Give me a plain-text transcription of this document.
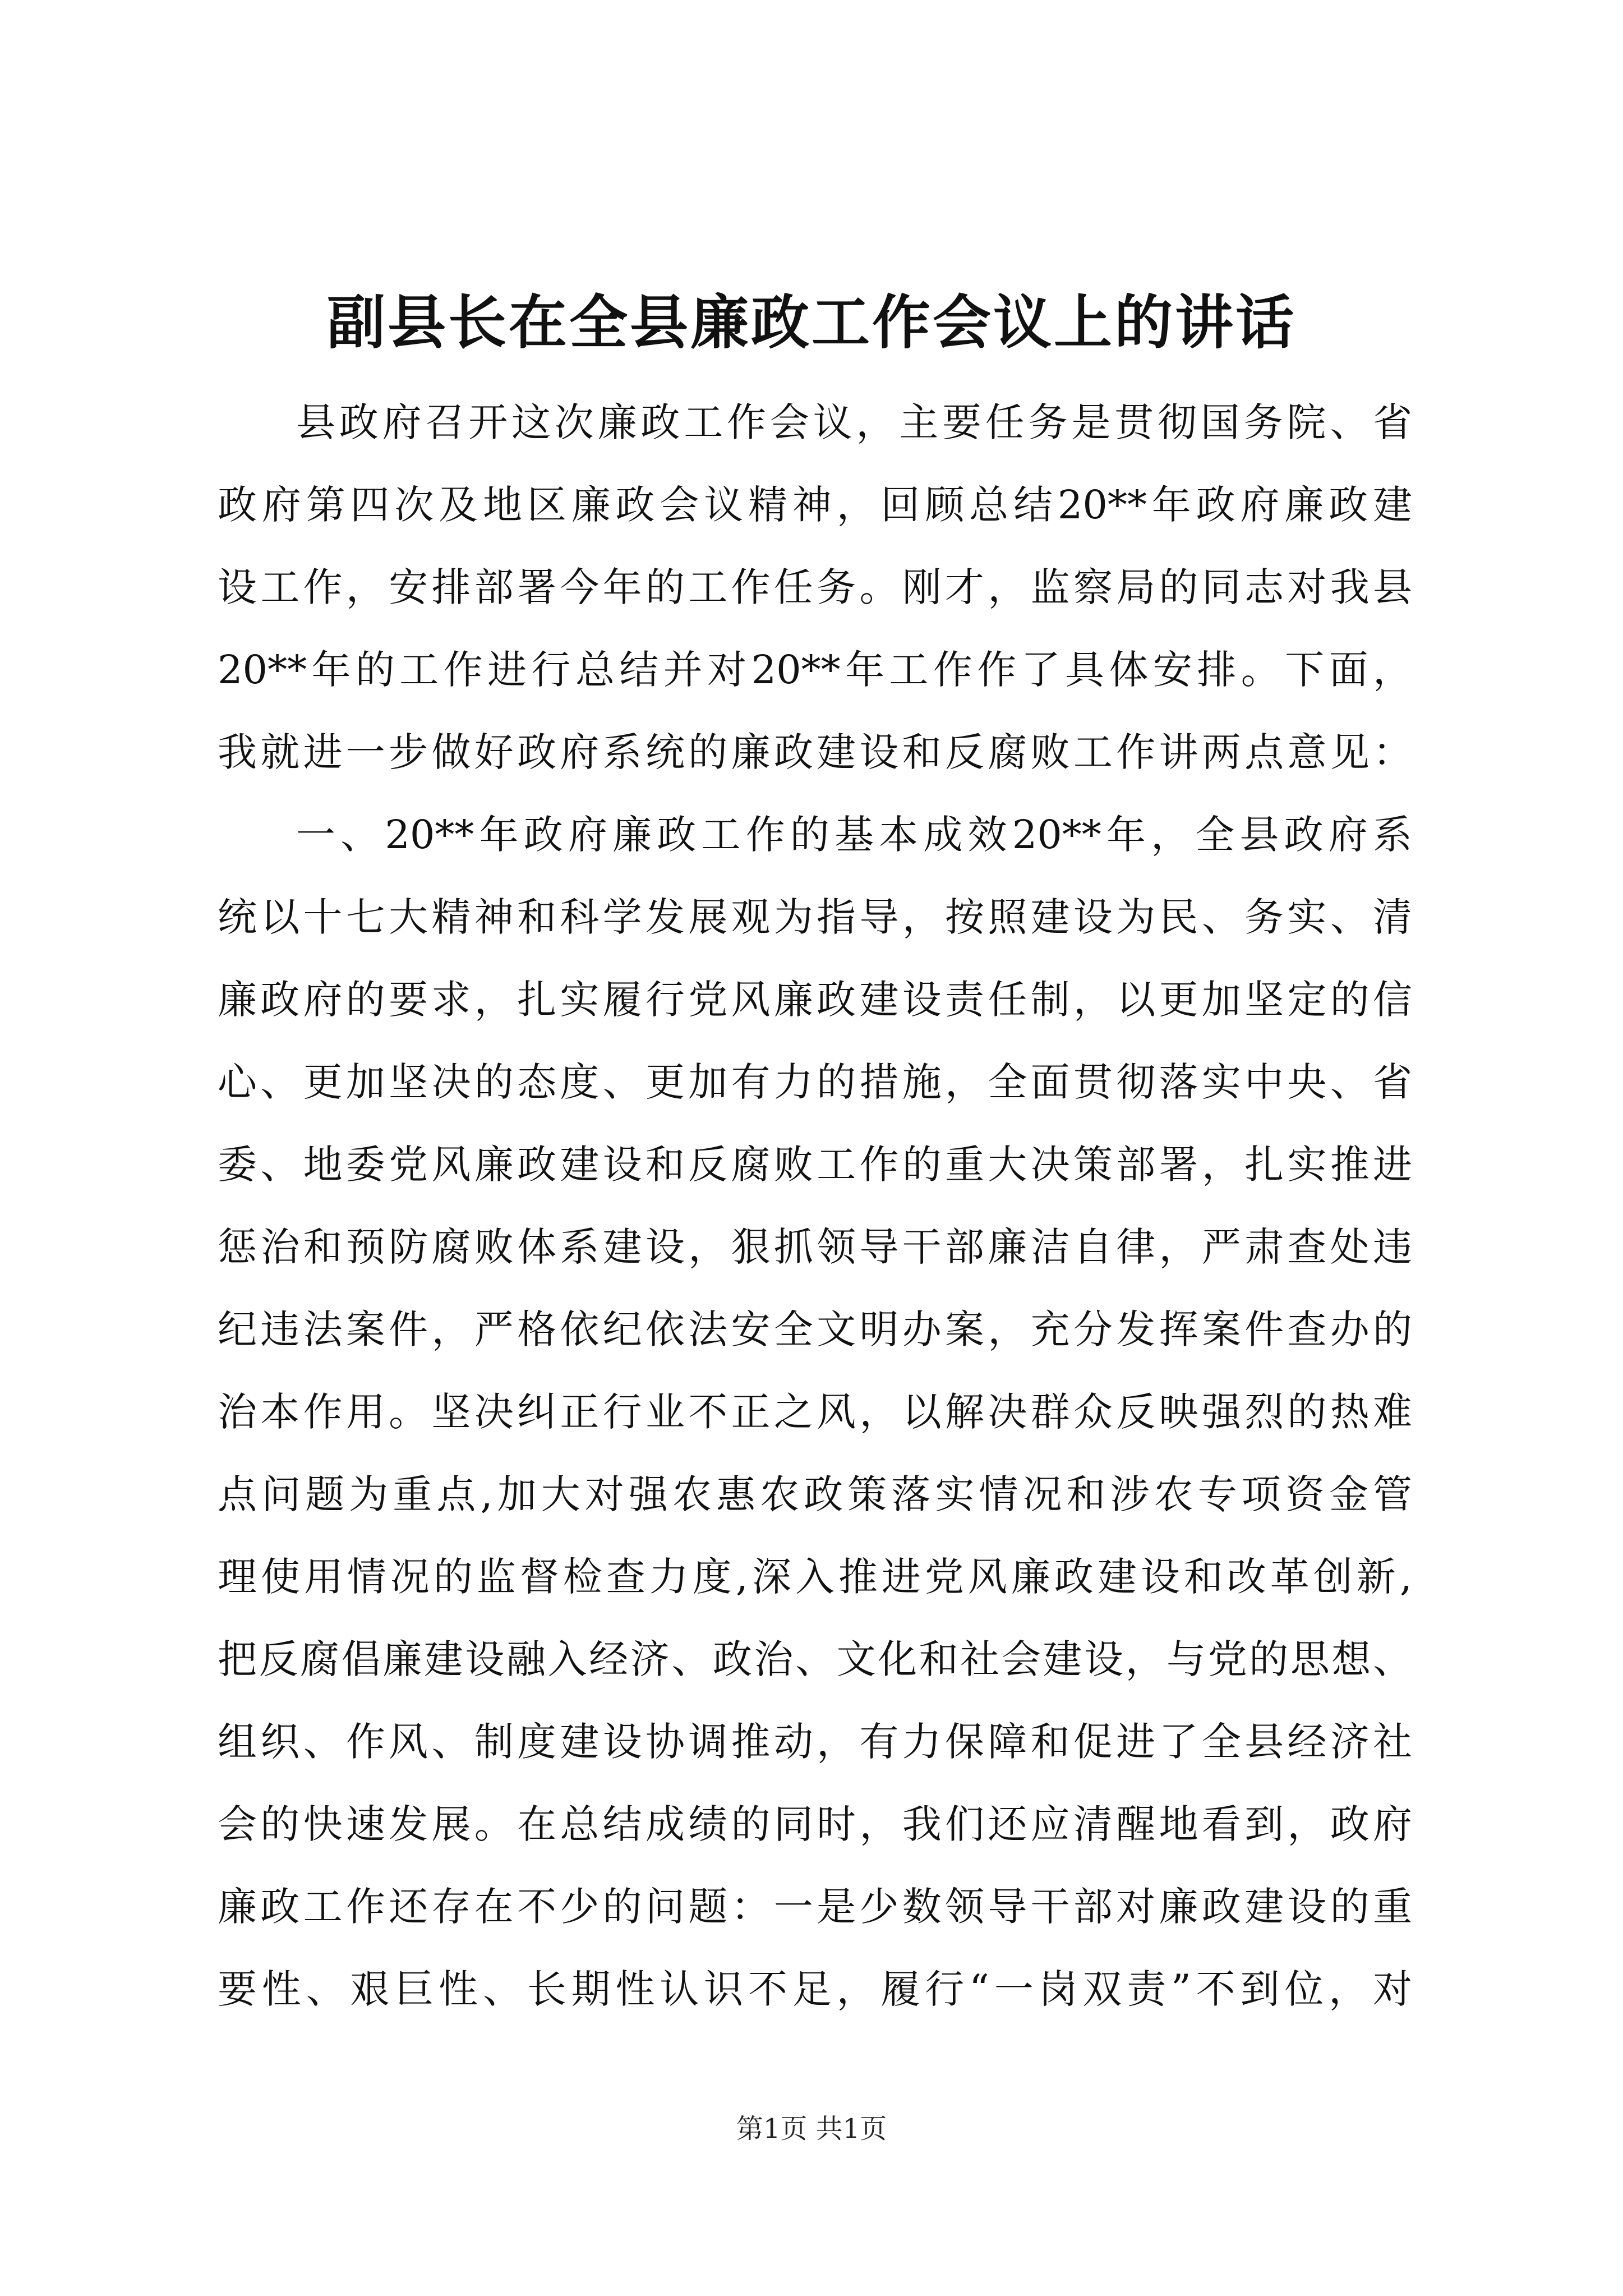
副县长在全县廉政工作会议上的讲话
县政府召开这次廉政工作会议，主要任务是贯彻国务院、省
政府第四次及地区廉政会议精神，回顾总结20**年政府廉政建
设工作，安排部署今年的工作任务。刚才，监察局的同志对我县
20**年的工作进行总结并对20**年工作作了具体安排。下面，
我就进一步做好政府系统的廉政建设和反腐败工作讲两点意见：
一、20**年政府廉政工作的基本成效20**年，全县政府系
统以十七大精神和科学发展观为指导，按照建设为民、务实、清
廉政府的要求，扎实履行党风廉政建设责任制，以更加坚定的信
心、更加坚决的态度、更加有力的措施，全面贯彻落实中央、省
委、地委党风廉政建设和反腐败工作的重大决策部署，扎实推进
惩治和预防腐败体系建设，狠抓领导干部廉洁自律，严肃查处违
纪违法案件，严格依纪依法安全文明办案，充分发挥案件查办的
治本作用。坚决纠正行业不正之风，以解决群众反映强烈的热难
点问题为重点,加大对强农惠农政策落实情况和涉农专项资金管
理使用情况的监督检查力度,深入推进党风廉政建设和改革创新,
把反腐倡廉建设融入经济、政治、文化和社会建设，与党的思想、
组织、作风、制度建设协调推动，有力保障和促进了全县经济社
会的快速发展。在总结成绩的同时，我们还应清醒地看到，政府
廉政工作还存在不少的问题：一是少数领导干部对廉政建设的重
要性、艰巨性、长期性认识不足，履行“一岗双责”不到位，对
第1页 共1页
